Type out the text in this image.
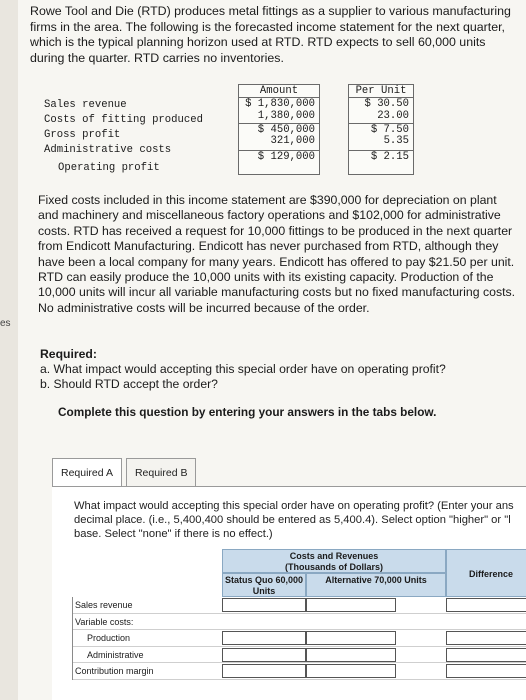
es

Rowe Tool and Die (RTD) produces metal fittings as a supplier to various manufacturing firms in the area. The following is the forecasted income statement for the next quarter, which is the typical planning horizon used at RTD. RTD expects to sell 60,000 units during the quarter. RTD carries no inventories.

Sales revenue
Costs of fitting produced
Gross profit
Administrative costs
Operating profit
Amount
$ 1,830,000
1,380,000
$ 450,000
321,000
$ 129,000
Per Unit
$ 30.50
23.00
$ 7.50
5.35
$ 2.15

Fixed costs included in this income statement are $390,000 for depreciation on plant and machinery and miscellaneous factory operations and $102,000 for administrative costs. RTD has received a request for 10,000 fittings to be produced in the next quarter from Endicott Manufacturing. Endicott has never purchased from RTD, although they have been a local company for many years. Endicott has offered to pay $21.50 per unit. RTD can easily produce the 10,000 units with its existing capacity. Production of the 10,000 units will incur all variable manufacturing costs but no fixed manufacturing costs. No administrative costs will be incurred because of the order.

Required:
a. What impact would accepting this special order have on operating profit?
b. Should RTD accept the order?
Complete this question by entering your answers in the tabs below.
Required A	Required B

What impact would accepting this special order have on operating profit? (Enter your ans decimal place. (i.e., 5,400,400 should be entered as 5,400.4). Select option "higher" or "l base. Select "none" if there is no effect.)

Costs and Revenues
(Thousands of Dollars)
Status Quo 60,000 Units
Alternative 70,000 Units
Difference
Sales revenue
Variable costs:
Production
Administrative
Contribution margin
